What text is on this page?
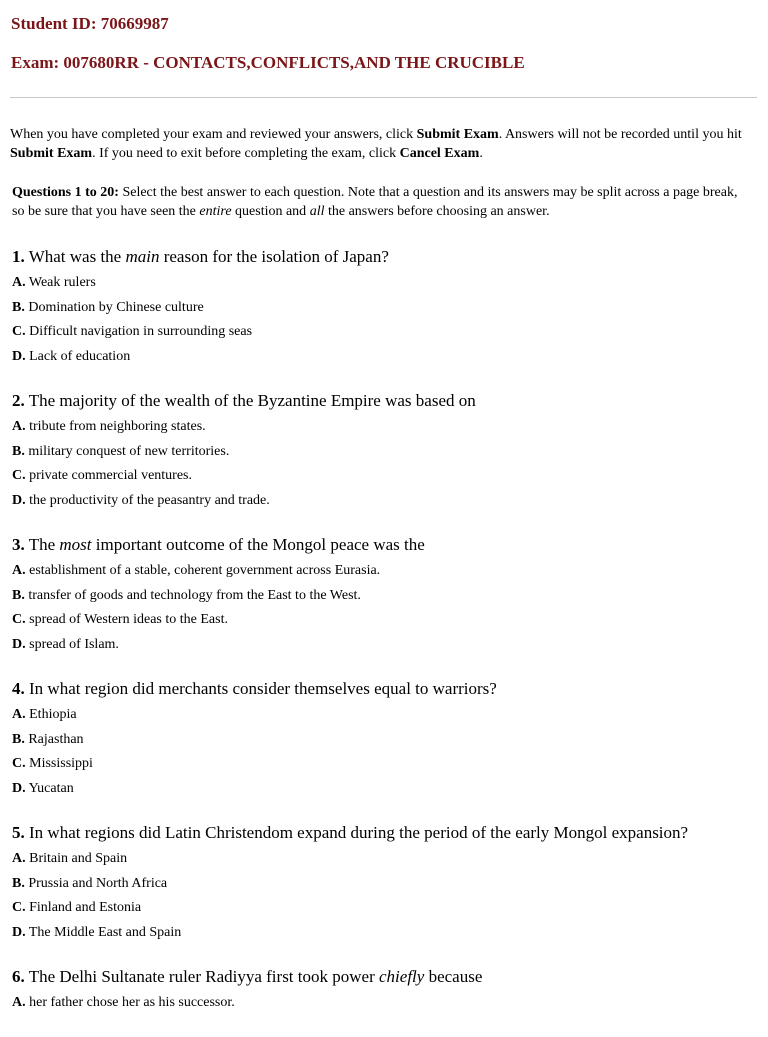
Student ID: 70669987

Exam: 007680RR - CONTACTS,CONFLICTS,AND THE CRUCIBLE

When you have completed your exam and reviewed your answers, click Submit Exam. Answers will not be recorded until you hit Submit Exam. If you need to exit before completing the exam, click Cancel Exam.

Questions 1 to 20: Select the best answer to each question. Note that a question and its answers may be split across a page break, so be sure that you have seen the entire question and all the answers before choosing an answer.

1. What was the main reason for the isolation of Japan?

A. Weak rulers
B. Domination by Chinese culture
C. Difficult navigation in surrounding seas
D. Lack of education

2. The majority of the wealth of the Byzantine Empire was based on

A. tribute from neighboring states.
B. military conquest of new territories.
C. private commercial ventures.
D. the productivity of the peasantry and trade.

3. The most important outcome of the Mongol peace was the

A. establishment of a stable, coherent government across Eurasia.
B. transfer of goods and technology from the East to the West.
C. spread of Western ideas to the East.
D. spread of Islam.

4. In what region did merchants consider themselves equal to warriors?

A. Ethiopia
B. Rajasthan
C. Mississippi
D. Yucatan

5. In what regions did Latin Christendom expand during the period of the early Mongol expansion?

A. Britain and Spain
B. Prussia and North Africa
C. Finland and Estonia
D. The Middle East and Spain

6. The Delhi Sultanate ruler Radiyya first took power chiefly because

A. her father chose her as his successor.
